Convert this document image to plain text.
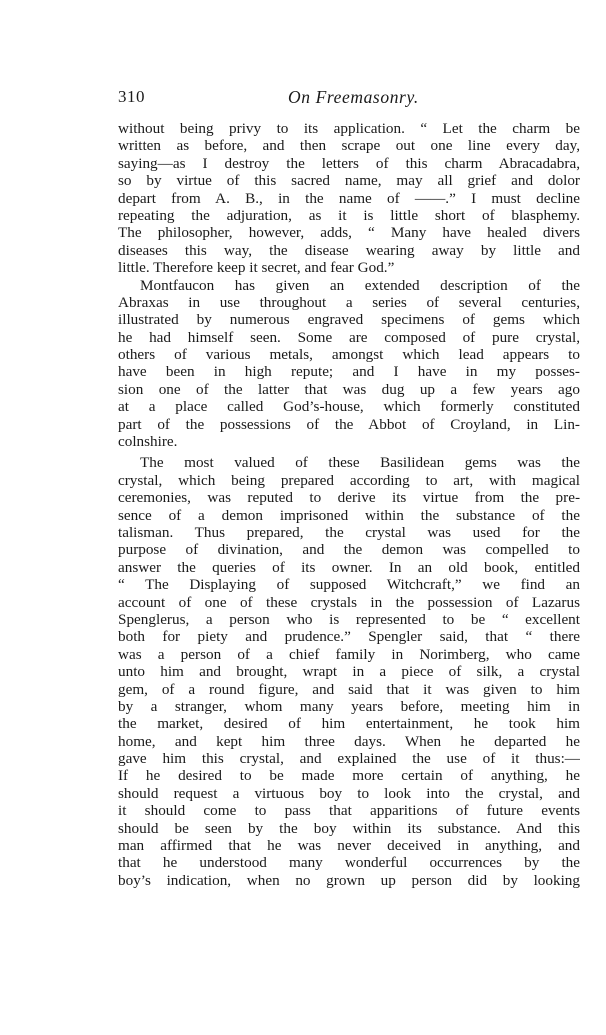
310	On Freemasonry.
without being privy to its application. “ Let the charm be
written as before, and then scrape out one line every day,
saying—as I destroy the letters of this charm Abracadabra,
so by virtue of this sacred name, may all grief and dolor
depart from A. B., in the name of ——.” I must decline
repeating the adjuration, as it is little short of blasphemy.
The philosopher, however, adds, “ Many have healed divers
diseases this way, the disease wearing away by little and
little. Therefore keep it secret, and fear God.”
Montfaucon has given an extended description of the
Abraxas in use throughout a series of several centuries,
illustrated by numerous engraved specimens of gems which
he had himself seen. Some are composed of pure crystal,
others of various metals, amongst which lead appears to
have been in high repute; and I have in my posses-
sion one of the latter that was dug up a few years ago
at a place called God’s-house, which formerly constituted
part of the possessions of the Abbot of Croyland, in Lin-
colnshire.
The most valued of these Basilidean gems was the
crystal, which being prepared according to art, with magical
ceremonies, was reputed to derive its virtue from the pre-
sence of a demon imprisoned within the substance of the
talisman. Thus prepared, the crystal was used for the
purpose of divination, and the demon was compelled to
answer the queries of its owner. In an old book, entitled
“ The Displaying of supposed Witchcraft,” we find an
account of one of these crystals in the possession of Lazarus
Spenglerus, a person who is represented to be “ excellent
both for piety and prudence.” Spengler said, that “ there
was a person of a chief family in Norimberg, who came
unto him and brought, wrapt in a piece of silk, a crystal
gem, of a round figure, and said that it was given to him
by a stranger, whom many years before, meeting him in
the market, desired of him entertainment, he took him
home, and kept him three days. When he departed he
gave him this crystal, and explained the use of it thus:—
If he desired to be made more certain of anything, he
should request a virtuous boy to look into the crystal, and
it should come to pass that apparitions of future events
should be seen by the boy within its substance. And this
man affirmed that he was never deceived in anything, and
that he understood many wonderful occurrences by the
boy’s indication, when no grown up person did by looking
